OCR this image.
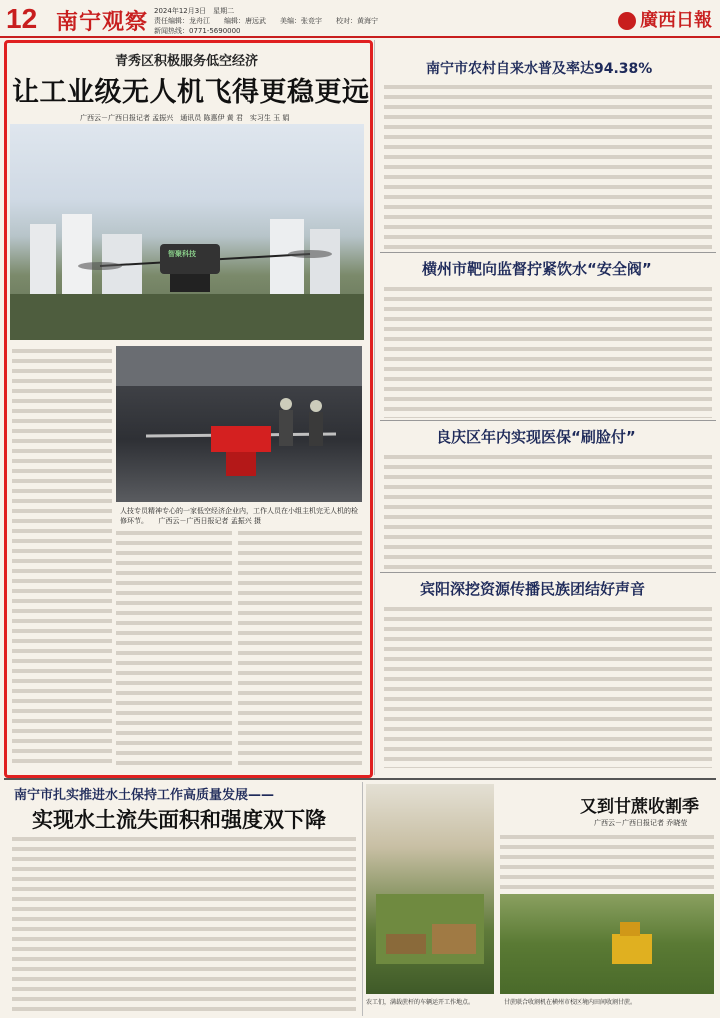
12 南宁观察 2024年12月3日　星期二
责任编辑：龙舟江　　编辑：唐远武　　美编：张竞宇　　校对：黄海宁
新闻热线：0771-5690000	廣西日報
青秀区积极服务低空经济
让工业级无人机飞得更稳更远
广西云－广西日报记者 孟振兴　通讯员 陈惠伊 黄 君　实习生 玉 娟
智聚科技
人技专员精神专心的一家低空经济企业内，工作人员在小组主机完无人机的检修环节。　　广西云－广西日报记者 孟振兴 摄
南宁市农村自来水普及率达94.38%
横州市靶向监督拧紧饮水“安全阀”
良庆区年内实现医保“刷脸付”
宾阳深挖资源传播民族团结好声音
南宁市扎实推进水土保持工作高质量发展——
实现水土流失面积和强度双下降
又到甘蔗收割季
广西云－广西日报记者 乔晓莹
农工们，满载蔗杆的车辆运开工作地点。	甘蔗联合收割机在横州市校区境内田间收割甘蔗。
